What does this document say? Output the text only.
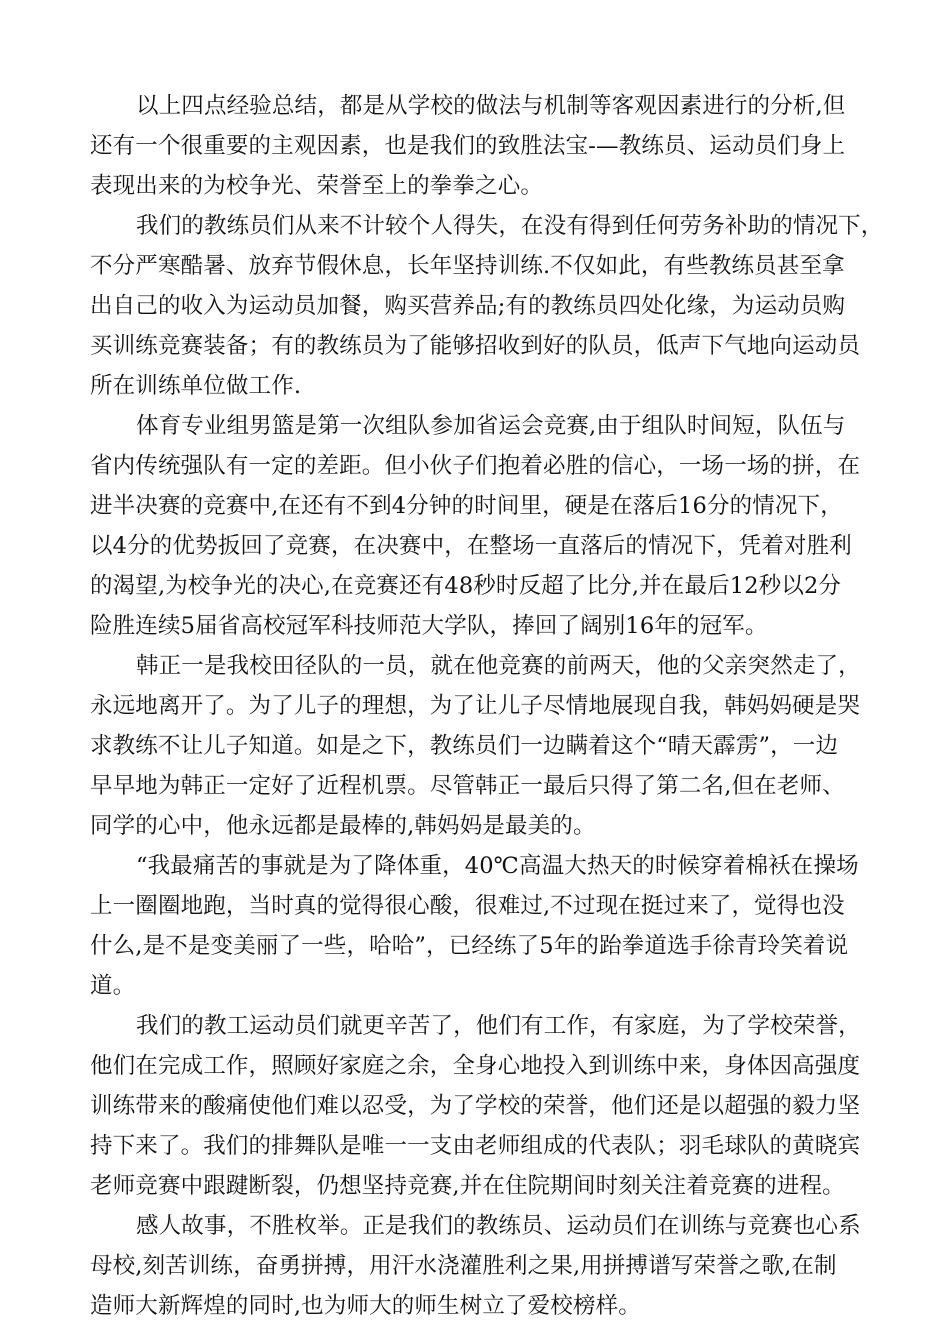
以上四点经验总结，都是从学校的做法与机制等客观因素进行的分析,但
还有一个很重要的主观因素，也是我们的致胜法宝-—教练员、运动员们身上
表现出来的为校争光、荣誉至上的拳拳之心。
我们的教练员们从来不计较个人得失，在没有得到任何劳务补助的情况下，
不分严寒酷暑、放弃节假休息，长年坚持训练.不仅如此，有些教练员甚至拿
出自己的收入为运动员加餐，购买营养品;有的教练员四处化缘，为运动员购
买训练竞赛装备；有的教练员为了能够招收到好的队员，低声下气地向运动员
所在训练单位做工作.
体育专业组男篮是第一次组队参加省运会竞赛,由于组队时间短，队伍与
省内传统强队有一定的差距。但小伙子们抱着必胜的信心，一场一场的拼，在
进半决赛的竞赛中,在还有不到4分钟的时间里，硬是在落后16分的情况下，
以4分的优势扳回了竞赛，在决赛中，在整场一直落后的情况下，凭着对胜利
的渴望,为校争光的决心,在竞赛还有48秒时反超了比分,并在最后12秒以2分
险胜连续5届省高校冠军科技师范大学队，捧回了阔别16年的冠军。
韩正一是我校田径队的一员，就在他竞赛的前两天，他的父亲突然走了，
永远地离开了。为了儿子的理想，为了让儿子尽情地展现自我，韩妈妈硬是哭
求教练不让儿子知道。如是之下，教练员们一边瞒着这个“晴天霹雳”，一边
早早地为韩正一定好了近程机票。尽管韩正一最后只得了第二名,但在老师、
同学的心中，他永远都是最棒的,韩妈妈是最美的。
“我最痛苦的事就是为了降体重，40℃高温大热天的时候穿着棉袄在操场
上一圈圈地跑，当时真的觉得很心酸，很难过,不过现在挺过来了，觉得也没
什么,是不是变美丽了一些，哈哈”，已经练了5年的跆拳道选手徐青玲笑着说
道。
我们的教工运动员们就更辛苦了，他们有工作，有家庭，为了学校荣誉，
他们在完成工作，照顾好家庭之余，全身心地投入到训练中来，身体因高强度
训练带来的酸痛使他们难以忍受，为了学校的荣誉，他们还是以超强的毅力坚
持下来了。我们的排舞队是唯一一支由老师组成的代表队；羽毛球队的黄晓宾
老师竞赛中跟踺断裂，仍想坚持竞赛,并在住院期间时刻关注着竞赛的进程。
感人故事，不胜枚举。正是我们的教练员、运动员们在训练与竞赛也心系
母校,刻苦训练，奋勇拼搏，用汗水浇灌胜利之果,用拼搏谱写荣誉之歌,在制
造师大新辉煌的同时,也为师大的师生树立了爱校榜样。
